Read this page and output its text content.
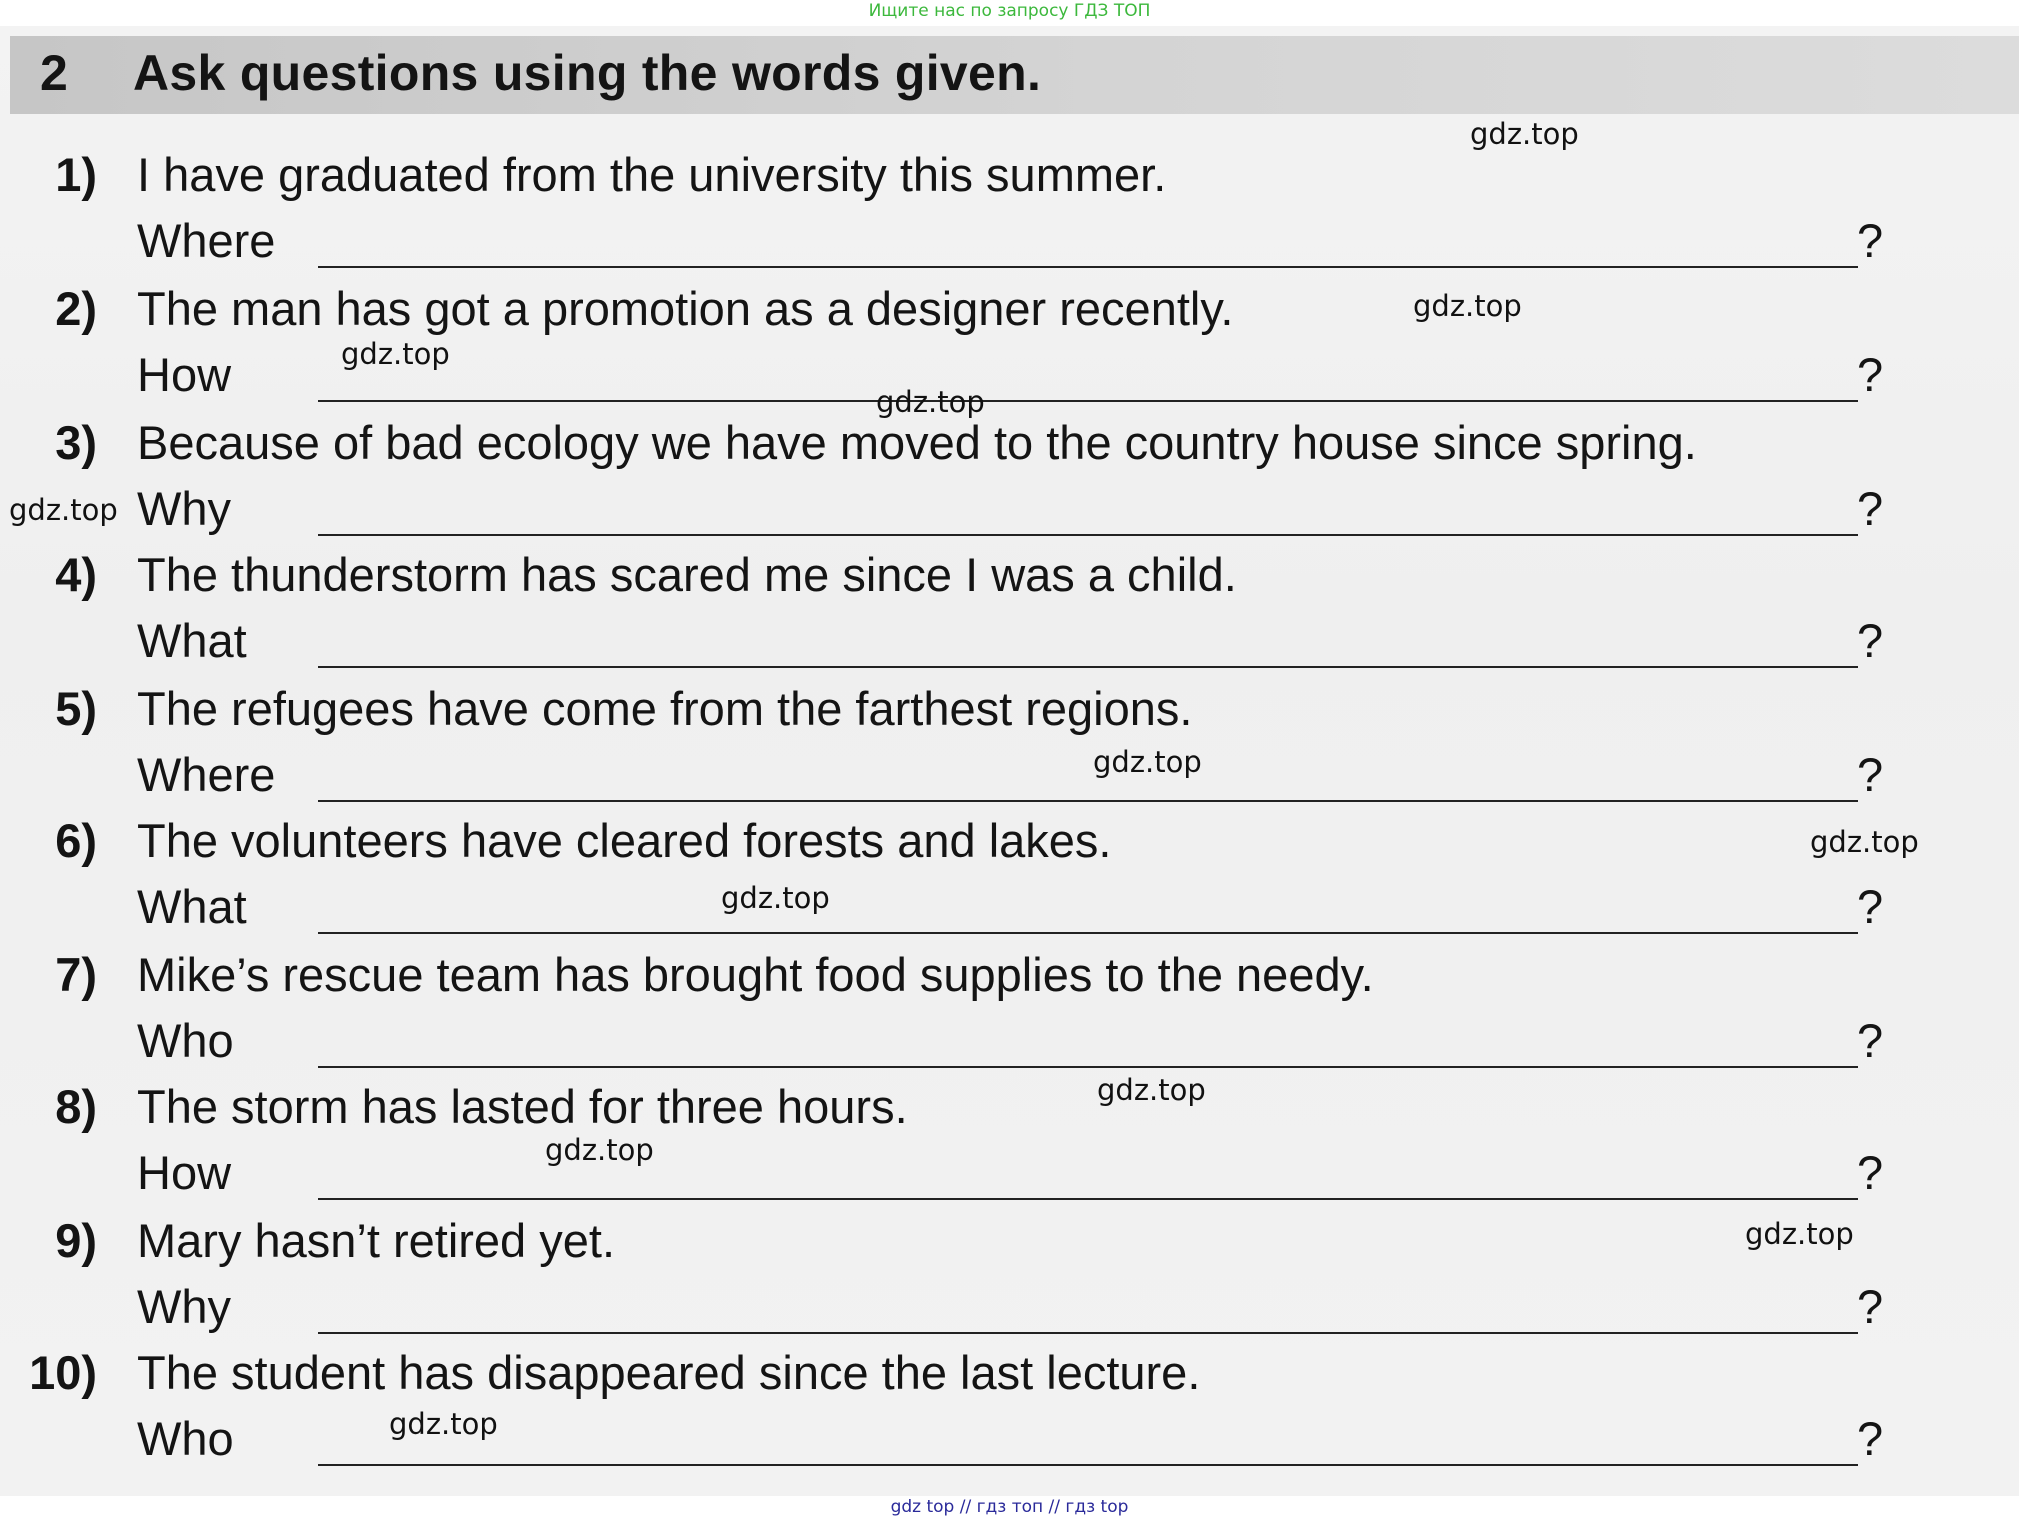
Ищите нас по запросу ГДЗ ТОП
2 Ask questions using the words given.
1) I have graduated from the university this summer.
Where	?
2) The man has got a promotion as a designer recently.
How	?
3) Because of bad ecology we have moved to the country house since spring.
Why	?
4) The thunderstorm has scared me since I was a child.
What	?
5) The refugees have come from the farthest regions.
Where	?
6) The volunteers have cleared forests and lakes.
What	?
7) Mike’s rescue team has brought food supplies to the needy.
Who	?
8) The storm has lasted for three hours.
How	?
9) Mary hasn’t retired yet.
Why	?
10) The student has disappeared since the last lecture.
Who	?
gdz.top
gdz.top
gdz.top
gdz.top
gdz.top
gdz.top
gdz.top
gdz.top
gdz.top
gdz.top
gdz.top
gdz.top
gdz top // гдз топ // гдз top
